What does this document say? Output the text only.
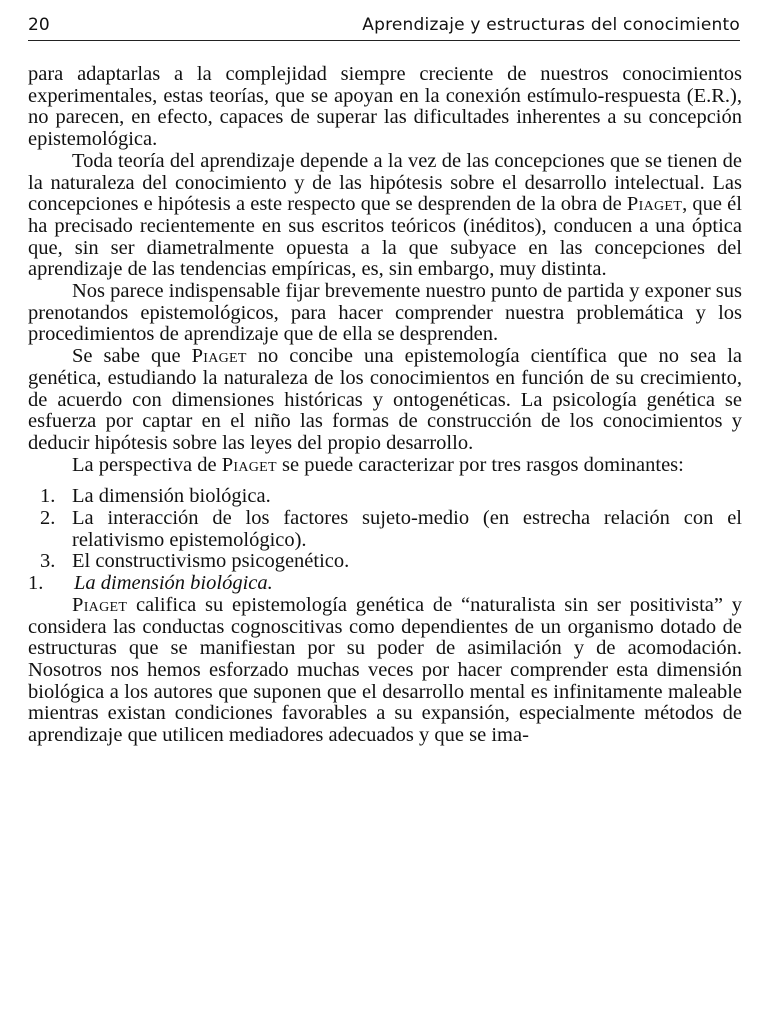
20	Aprendizaje y estructuras del conocimiento

para adaptarlas a la complejidad siempre creciente de nuestros conocimientos experimentales, estas teorías, que se apoyan en la conexión estímulo-respuesta (E.R.), no parecen, en efecto, capaces de superar las dificultades inherentes a su concepción epistemológica.

Toda teoría del aprendizaje depende a la vez de las concepciones que se tienen de la naturaleza del conocimiento y de las hipótesis sobre el desarrollo intelectual. Las concepciones e hipótesis a este respecto que se desprenden de la obra de Piaget, que él ha precisado recientemente en sus escritos teóricos (inéditos), conducen a una óptica que, sin ser diametralmente opuesta a la que subyace en las concepciones del aprendizaje de las tendencias empíricas, es, sin embargo, muy distinta.

Nos parece indispensable fijar brevemente nuestro punto de partida y exponer sus prenotandos epistemológicos, para hacer comprender nuestra problemática y los procedimientos de aprendizaje que de ella se desprenden.

Se sabe que Piaget no concibe una epistemología científica que no sea la genética, estudiando la naturaleza de los conocimientos en función de su crecimiento, de acuerdo con dimensiones históricas y ontogenéticas. La psicología genética se esfuerza por captar en el niño las formas de construcción de los conocimientos y deducir hipótesis sobre las leyes del propio desarrollo.

La perspectiva de Piaget se puede caracterizar por tres rasgos dominantes:

1. La dimensión biológica.

2. La interacción de los factores sujeto-medio (en estrecha relación con el relativismo epistemológico).

3. El constructivismo psicogenético.

1. La dimensión biológica.

Piaget califica su epistemología genética de “naturalista sin ser positivista” y considera las conductas cognoscitivas como dependientes de un organismo dotado de estructuras que se manifiestan por su poder de asimilación y de acomodación. Nosotros nos hemos esforzado muchas veces por hacer comprender esta dimensión biológica a los autores que suponen que el desarrollo mental es infinitamente maleable mientras existan condiciones favorables a su expansión, especialmente métodos de aprendizaje que utilicen mediadores adecuados y que se ima-
